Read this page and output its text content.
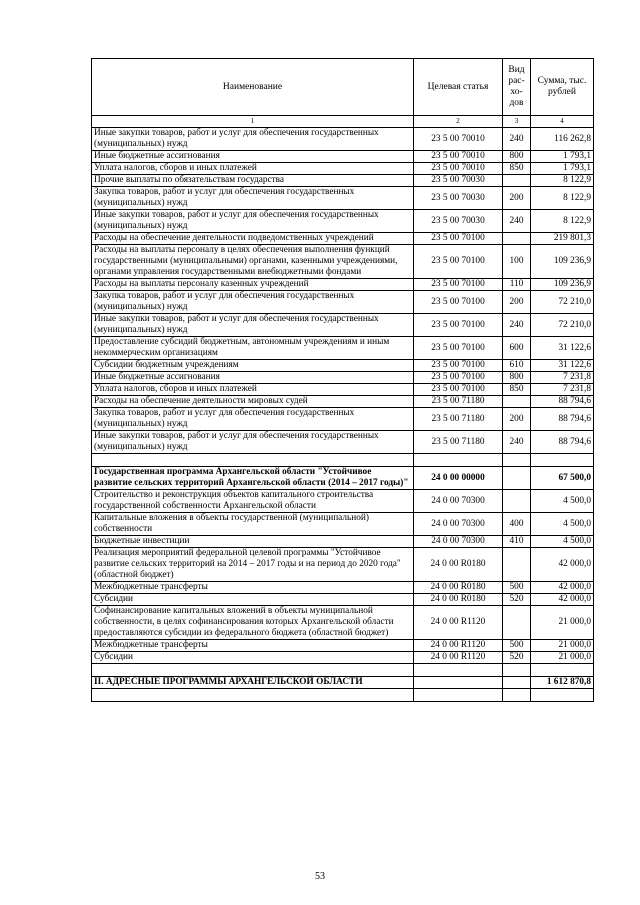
Наименование	Целевая статья	Вид рас-хо-дов	Сумма, тыс. рублей
1	2	3	4
Иные закупки товаров, работ и услуг для обеспечения государственных (муниципальных) нужд	23 5 00 70010	240	116 262,8
Иные бюджетные ассигнования	23 5 00 70010	800	1 793,1
Уплата налогов, сборов и иных платежей	23 5 00 70010	850	1 793,1
Прочие выплаты по обязательствам государства	23 5 00 70030		8 122,9
Закупка товаров, работ и услуг для обеспечения государственных (муниципальных) нужд	23 5 00 70030	200	8 122,9
Иные закупки товаров, работ и услуг для обеспечения государственных (муниципальных) нужд	23 5 00 70030	240	8 122,9
Расходы на обеспечение деятельности подведомственных учреждений	23 5 00 70100		219 801,3
Расходы на выплаты персоналу в целях обеспечения выполнения функций государственными (муниципальными) органами, казенными учреждениями, органами управления государственными внебюджетными фондами	23 5 00 70100	100	109 236,9
Расходы на выплаты персоналу казенных учреждений	23 5 00 70100	110	109 236,9
Закупка товаров, работ и услуг для обеспечения государственных (муниципальных) нужд	23 5 00 70100	200	72 210,0
Иные закупки товаров, работ и услуг для обеспечения государственных (муниципальных) нужд	23 5 00 70100	240	72 210,0
Предоставление субсидий бюджетным, автономным учреждениям и иным некоммерческим организациям	23 5 00 70100	600	31 122,6
Субсидии бюджетным учреждениям	23 5 00 70100	610	31 122,6
Иные бюджетные ассигнования	23 5 00 70100	800	7 231,8
Уплата налогов, сборов и иных платежей	23 5 00 70100	850	7 231,8
Расходы на обеспечение деятельности мировых судей	23 5 00 71180		88 794,6
Закупка товаров, работ и услуг для обеспечения государственных (муниципальных) нужд	23 5 00 71180	200	88 794,6
Иные закупки товаров, работ и услуг для обеспечения государственных (муниципальных) нужд	23 5 00 71180	240	88 794,6

Государственная программа Архангельской области "Устойчивое развитие сельских территорий Архангельской области (2014 – 2017 годы)"	24 0 00 00000		67 500,0
Строительство и реконструкция объектов капитального строительства государственной собственности Архангельской области	24 0 00 70300		4 500,0
Капитальные вложения в объекты государственной (муниципальной) собственности	24 0 00 70300	400	4 500,0
Бюджетные инвестиции	24 0 00 70300	410	4 500,0
Реализация мероприятий федеральной целевой программы "Устойчивое развитие сельских территорий на 2014 – 2017 годы и на период до 2020 года" (областной бюджет)	24 0 00 R0180		42 000,0
Межбюджетные трансферты	24 0 00 R0180	500	42 000,0
Субсидии	24 0 00 R0180	520	42 000,0
Софинансирование капитальных вложений в объекты муниципальной собственности, в целях софинансирования которых Архангельской области предоставляются субсидии из федерального бюджета (областной бюджет)	24 0 00 R1120		21 000,0
Межбюджетные трансферты	24 0 00 R1120	500	21 000,0
Субсидии	24 0 00 R1120	520	21 000,0

II. АДРЕСНЫЕ ПРОГРАММЫ АРХАНГЕЛЬСКОЙ ОБЛАСТИ			1 612 870,8

53
